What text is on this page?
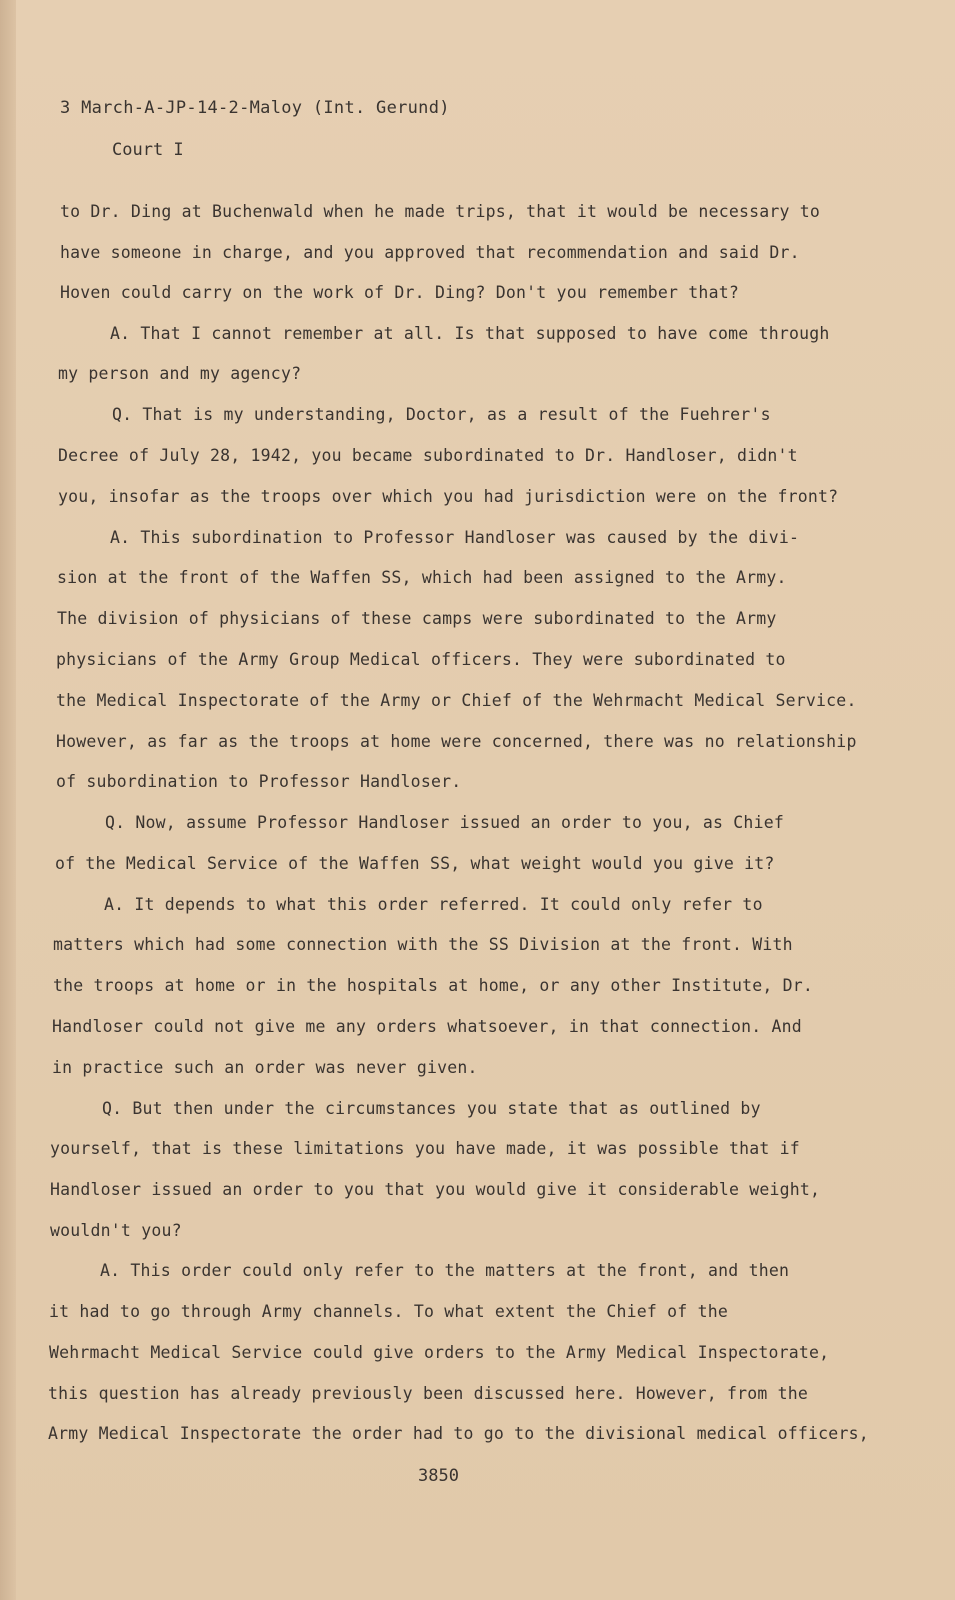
3 March-A-JP-14-2-Maloy (Int. Gerund)
Court I
to Dr. Ding at Buchenwald when he made trips, that it would be necessary to
have someone in charge, and you approved that recommendation and said Dr.
Hoven could carry on the work of Dr. Ding? Don't you remember that?
A. That I cannot remember at all. Is that supposed to have come through
my person and my agency?
Q. That is my understanding, Doctor, as a result of the Fuehrer's
Decree of July 28, 1942, you became subordinated to Dr. Handloser, didn't
you, insofar as the troops over which you had jurisdiction were on the front?
A. This subordination to Professor Handloser was caused by the divi-
sion at the front of the Waffen SS, which had been assigned to the Army.
The division of physicians of these camps were subordinated to the Army
physicians of the Army Group Medical officers. They were subordinated to
the Medical Inspectorate of the Army or Chief of the Wehrmacht Medical Service.
However, as far as the troops at home were concerned, there was no relationship
of subordination to Professor Handloser.
Q. Now, assume Professor Handloser issued an order to you, as Chief
of the Medical Service of the Waffen SS, what weight would you give it?
A. It depends to what this order referred. It could only refer to
matters which had some connection with the SS Division at the front. With
the troops at home or in the hospitals at home, or any other Institute, Dr.
Handloser could not give me any orders whatsoever, in that connection. And
in practice such an order was never given.
Q. But then under the circumstances you state that as outlined by
yourself, that is these limitations you have made, it was possible that if
Handloser issued an order to you that you would give it considerable weight,
wouldn't you?
A. This order could only refer to the matters at the front, and then
it had to go through Army channels. To what extent the Chief of the
Wehrmacht Medical Service could give orders to the Army Medical Inspectorate,
this question has already previously been discussed here. However, from the
Army Medical Inspectorate the order had to go to the divisional medical officers,
3850
